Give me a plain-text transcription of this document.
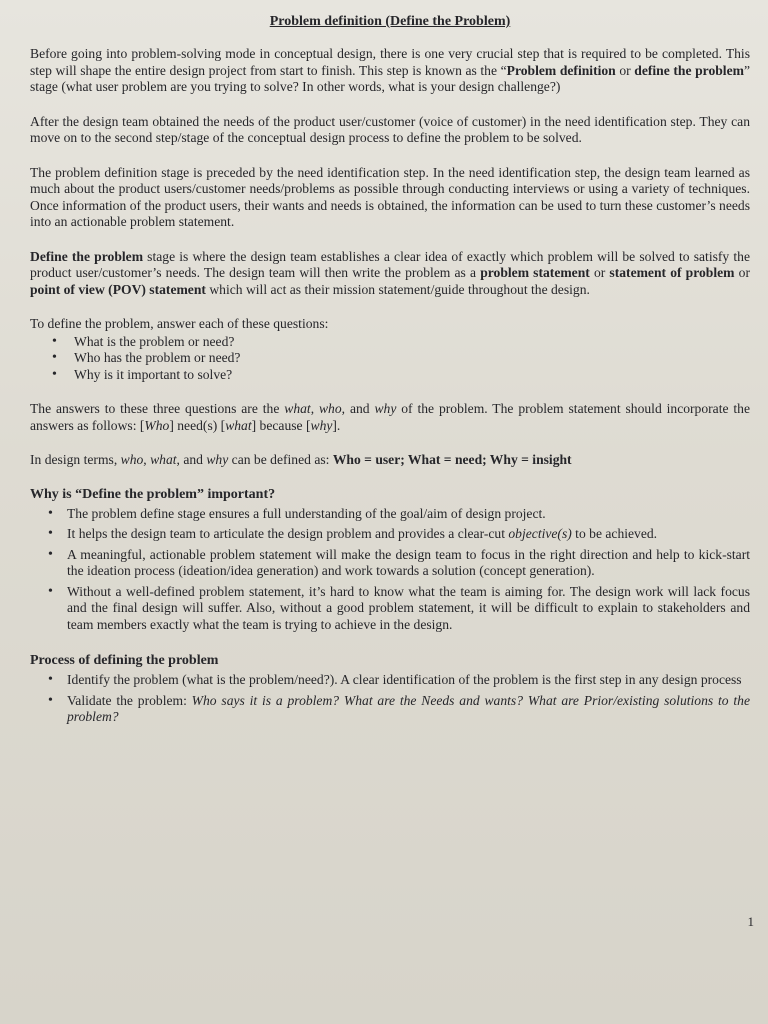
Problem definition (Define the Problem)

Before going into problem-solving mode in conceptual design, there is one very crucial step that is required to be completed. This step will shape the entire design project from start to finish. This step is known as the “Problem definition or define the problem” stage (what user problem are you trying to solve? In other words, what is your design challenge?)

After the design team obtained the needs of the product user/customer (voice of customer) in the need identification step. They can move on to the second step/stage of the conceptual design process to define the problem to be solved.

The problem definition stage is preceded by the need identification step. In the need identification step, the design team learned as much about the product users/customer needs/problems as possible through conducting interviews or using a variety of techniques. Once information of the product users, their wants and needs is obtained, the information can be used to turn these customer’s needs into an actionable problem statement.

Define the problem stage is where the design team establishes a clear idea of exactly which problem will be solved to satisfy the product user/customer’s needs. The design team will then write the problem as a problem statement or statement of problem or point of view (POV) statement which will act as their mission statement/guide throughout the design.

To define the problem, answer each of these questions:
• What is the problem or need?
• Who has the problem or need?
• Why is it important to solve?

The answers to these three questions are the what, who, and why of the problem. The problem statement should incorporate the answers as follows: [Who] need(s) [what] because [why].

In design terms, who, what, and why can be defined as: Who = user; What = need; Why = insight

Why is “Define the problem” important?
• The problem define stage ensures a full understanding of the goal/aim of design project.
• It helps the design team to articulate the design problem and provides a clear-cut objective(s) to be achieved.
• A meaningful, actionable problem statement will make the design team to focus in the right direction and help to kick-start the ideation process (ideation/idea generation) and work towards a solution (concept generation).
• Without a well-defined problem statement, it’s hard to know what the team is aiming for. The design work will lack focus and the final design will suffer. Also, without a good problem statement, it will be difficult to explain to stakeholders and team members exactly what the team is trying to achieve in the design.
Process of defining the problem
• Identify the problem (what is the problem/need?). A clear identification of the problem is the first step in any design process
• Validate the problem: Who says it is a problem? What are the Needs and wants? What are Prior/existing solutions to the problem?
1
